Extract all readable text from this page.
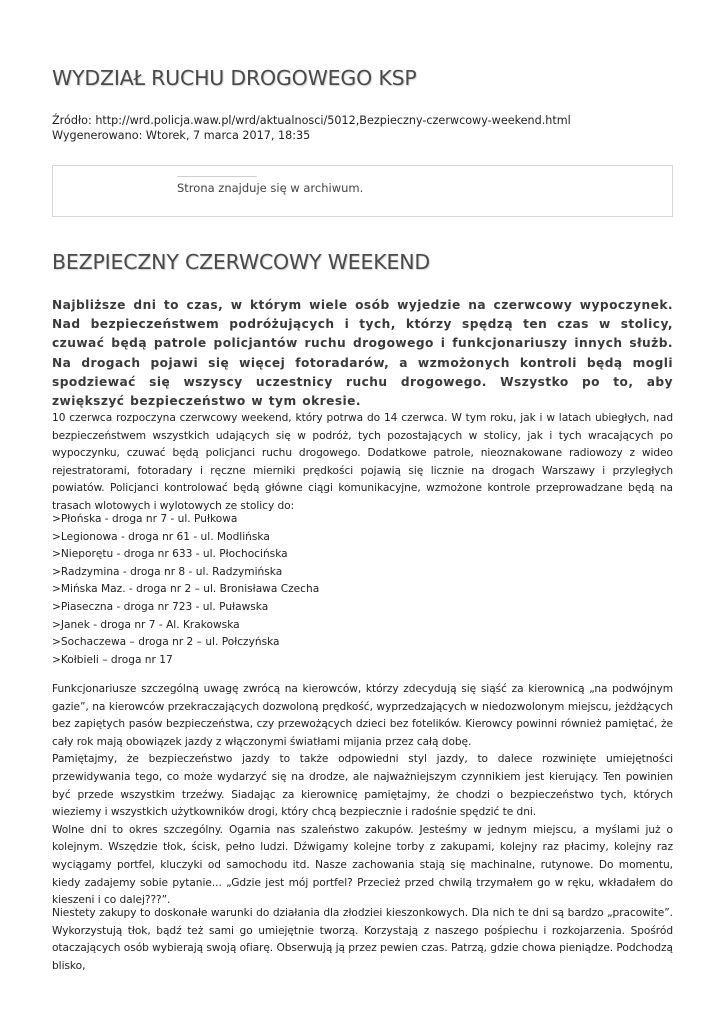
WYDZIAŁ RUCHU DROGOWEGO KSP
Źródło: http://wrd.policja.waw.pl/wrd/aktualnosci/5012,Bezpieczny-czerwcowy-weekend.html
Wygenerowano: Wtorek, 7 marca 2017, 18:35
Strona znajduje się w archiwum.
BEZPIECZNY CZERWCOWY WEEKEND

Najbliższe dni to czas, w którym wiele osób wyjedzie na czerwcowy wypoczynek. Nad bezpieczeństwem podróżujących i tych, którzy spędzą ten czas w stolicy, czuwać będą patrole policjantów ruchu drogowego i funkcjonariuszy innych służb. Na drogach pojawi się więcej fotoradarów, a wzmożonych kontroli będą mogli spodziewać się wszyscy uczestnicy ruchu drogowego. Wszystko po to, aby zwiększyć bezpieczeństwo w tym okresie.

10 czerwca rozpoczyna czerwcowy weekend, który potrwa do 14 czerwca. W tym roku, jak i w latach ubiegłych, nad bezpieczeństwem wszystkich udających się w podróż, tych pozostających w stolicy, jak i tych wracających po wypoczynku, czuwać będą policjanci ruchu drogowego. Dodatkowe patrole, nieoznakowane radiowozy z wideo rejestratorami, fotoradary i ręczne mierniki prędkości pojawią się licznie na drogach Warszawy i przyległych powiatów. Policjanci kontrolować będą główne ciągi komunikacyjne, wzmożone kontrole przeprowadzane będą na trasach wlotowych i wylotowych ze stolicy do:

>Płońska - droga nr 7 - ul. Pułkowa
>Legionowa - droga nr 61 - ul. Modlińska
>Nieporętu - droga nr 633 - ul. Płochocińska
>Radzymina - droga nr 8 - ul. Radzymińska
>Mińska Maz. - droga nr 2 – ul. Bronisława Czecha
>Piaseczna - droga nr 723 - ul. Puławska
>Janek - droga nr 7 - Al. Krakowska
>Sochaczewa – droga nr 2 – ul. Połczyńska
>Kołbieli – droga nr 17

Funkcjonariusze szczególną uwagę zwrócą na kierowców, którzy zdecydują się siąść za kierownicą „na podwójnym gazie”, na kierowców przekraczających dozwoloną prędkość, wyprzedzających w niedozwolonym miejscu, jeżdżących bez zapiętych pasów bezpieczeństwa, czy przewożących dzieci bez fotelików. Kierowcy powinni również pamiętać, że cały rok mają obowiązek jazdy z włączonymi światłami mijania przez całą dobę.
Pamiętajmy, że bezpieczeństwo jazdy to także odpowiedni styl jazdy, to dalece rozwinięte umiejętności przewidywania tego, co może wydarzyć się na drodze, ale najważniejszym czynnikiem jest kierujący. Ten powinien być przede wszystkim trzeźwy. Siadając za kierownicę pamiętajmy, że chodzi o bezpieczeństwo tych, których wieziemy i wszystkich użytkowników drogi, który chcą bezpiecznie i radośnie spędzić te dni.
Wolne dni to okres szczególny. Ogarnia nas szaleństwo zakupów. Jesteśmy w jednym miejscu, a myślami już o kolejnym. Wszędzie tłok, ścisk, pełno ludzi. Dźwigamy kolejne torby z zakupami, kolejny raz płacimy, kolejny raz wyciągamy portfel, kluczyki od samochodu itd. Nasze zachowania stają się machinalne, rutynowe. Do momentu, kiedy zadajemy sobie pytanie... „Gdzie jest mój portfel? Przecież przed chwilą trzymałem go w ręku, wkładałem do kieszeni i co dalej???”.

Niestety zakupy to doskonałe warunki do działania dla złodziei kieszonkowych. Dla nich te dni są bardzo „pracowite”. Wykorzystują tłok, bądź też sami go umiejętnie tworzą. Korzystają z naszego pośpiechu i rozkojarzenia. Spośród otaczających osób wybierają swoją ofiarę. Obserwują ją przez pewien czas. Patrzą, gdzie chowa pieniądze. Podchodzą blisko,
